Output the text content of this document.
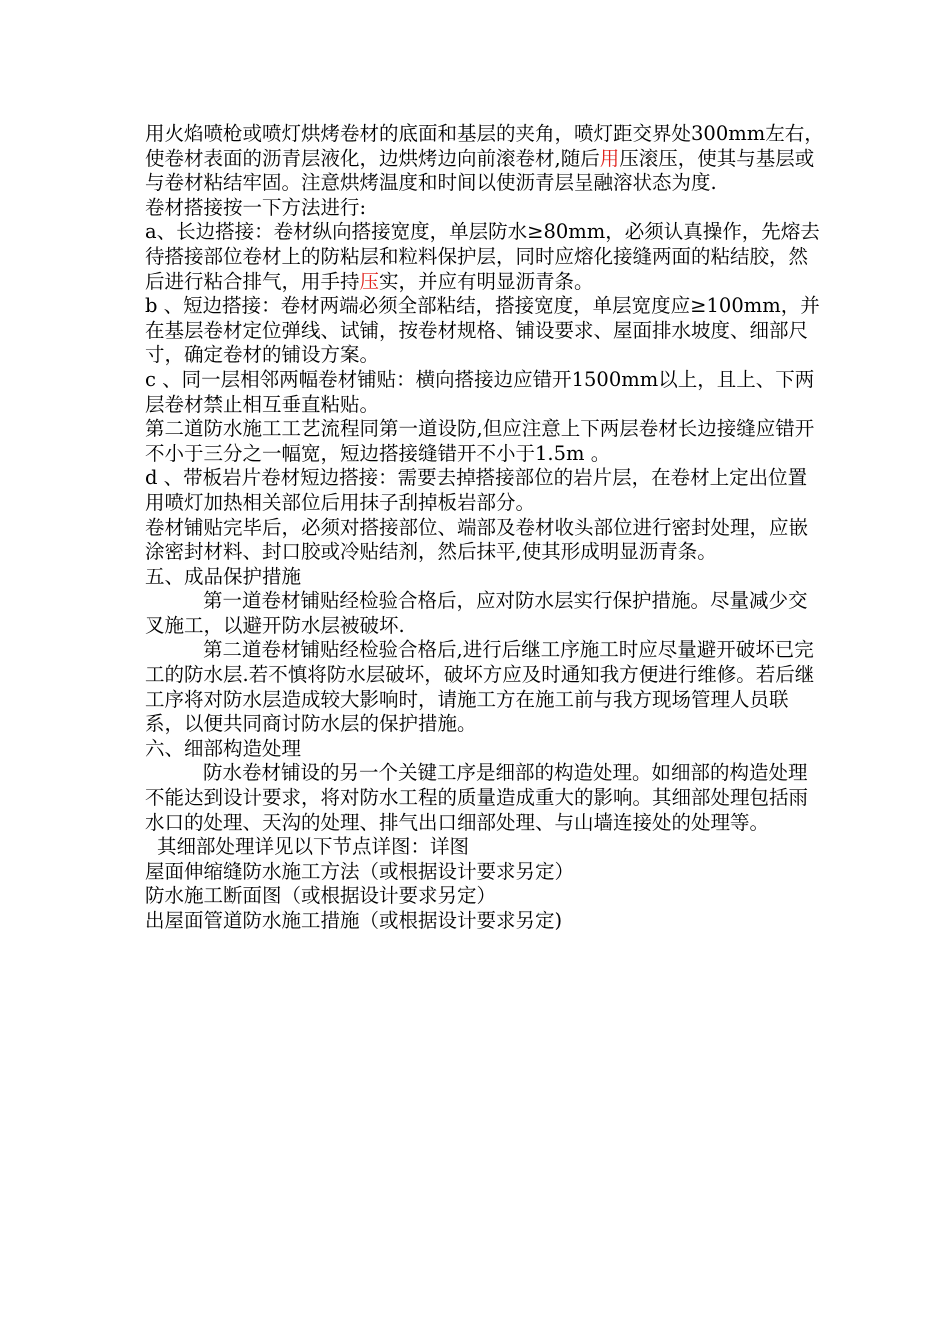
用火焰喷枪或喷灯烘烤卷材的底面和基层的夹角，喷灯距交界处300mm左右，使卷材表面的沥青层液化，边烘烤边向前滚卷材,随后用压滚压，使其与基层或与卷材粘结牢固。注意烘烤温度和时间以使沥青层呈融溶状态为度.

卷材搭接按一下方法进行:

a、长边搭接：卷材纵向搭接宽度，单层防水≥80mm，必须认真操作，先熔去待搭接部位卷材上的防粘层和粒料保护层，同时应熔化接缝两面的粘结胶，然后进行粘合排气，用手持压实，并应有明显沥青条。

b 、短边搭接：卷材两端必须全部粘结，搭接宽度，单层宽度应≥100mm，并在基层卷材定位弹线、试铺，按卷材规格、铺设要求、屋面排水坡度、细部尺寸，确定卷材的铺设方案。

c 、同一层相邻两幅卷材铺贴：横向搭接边应错开1500mm以上，且上、下两层卷材禁止相互垂直粘贴。

第二道防水施工工艺流程同第一道设防,但应注意上下两层卷材长边接缝应错开不小于三分之一幅宽，短边搭接缝错开不小于1.5m 。

d 、带板岩片卷材短边搭接：需要去掉搭接部位的岩片层，在卷材上定出位置用喷灯加热相关部位后用抹子刮掉板岩部分。

卷材铺贴完毕后，必须对搭接部位、端部及卷材收头部位进行密封处理，应嵌涂密封材料、封口胶或冷贴结剂，然后抹平,使其形成明显沥青条。

五、成品保护措施

第一道卷材铺贴经检验合格后，应对防水层实行保护措施。尽量减少交叉施工，以避开防水层被破坏.

第二道卷材铺贴经检验合格后,进行后继工序施工时应尽量避开破坏已完工的防水层.若不慎将防水层破坏，破坏方应及时通知我方便进行维修。若后继工序将对防水层造成较大影响时，请施工方在施工前与我方现场管理人员联系，以便共同商讨防水层的保护措施。

六、细部构造处理

防水卷材铺设的另一个关键工序是细部的构造处理。如细部的构造处理不能达到设计要求，将对防水工程的质量造成重大的影响。其细部处理包括雨水口的处理、天沟的处理、排气出口细部处理、与山墙连接处的处理等。

其细部处理详见以下节点详图：详图

屋面伸缩缝防水施工方法（或根据设计要求另定）

防水施工断面图（或根据设计要求另定）

出屋面管道防水施工措施（或根据设计要求另定)
